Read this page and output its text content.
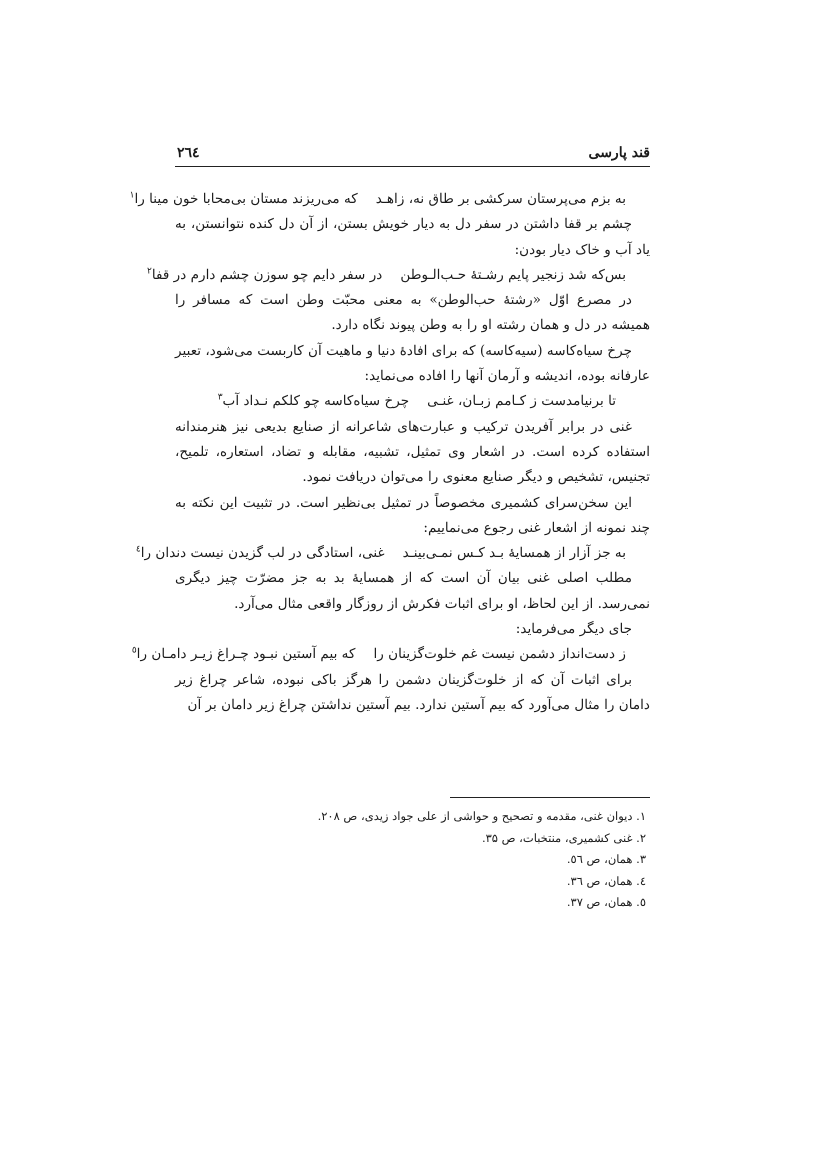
قند پارسی
۲٦٤
به بزم می‌پرستان سرکشی بر طاق نه، زاهـد
که می‌ریزند مستان بی‌محابا خون مینا را$^۱$

چشم بر قفا داشتن در سفر دل به دیار خویش بستن، از آن دل کنده نتوانستن، به یاد آب و خاک دیار بودن:

بس‌که شد زنجیر پایم رشـتهٔ حـب‌الـوطن
در سفر دایم چو سوزن چشم دارم در قفا$^۲$

در مصرع اوّل «رشتهٔ حب‌الوطن» به معنی محبّت وطن است که مسافر را همیشه در دل و همان رشته او را به وطن پیوند نگاه دارد.

چرخ سیاه‌کاسه (سیه‌کاسه) که برای افادهٔ دنیا و ماهیت آن کاربست می‌شود، تعبیر عارفانه بوده، اندیشه و آرمان آنها را افاده می‌نماید:

تا برنیامدست ز کـامم زبـان، غنـی
چرخ سیاه‌کاسه چو کلکم نـداد آب$^۳$

غنی در برابر آفریدن ترکیب و عبارت‌های شاعرانه از صنایع بدیعی نیز هنرمندانه استفاده کرده است. در اشعار وی تمثیل، تشبیه، مقابله و تضاد، استعاره، تلمیح، تجنیس، تشخیص و دیگر صنایع معنوی را می‌توان دریافت نمود.

این سخن‌سرای کشمیری مخصوصاً در تمثیل بی‌نظیر است. در تثبیت این نکته به چند نمونه از اشعار غنی رجوع می‌نماییم:

به جز آزار از همسایهٔ بـد کـس نمـی‌بینـد
غنی، استادگی در لب گزیدن نیست دندان را$^٤$

مطلب اصلی غنی بیان آن است که از همسایهٔ بد به جز مضرّت چیز دیگری نمی‌رسد. از این لحاظ، او برای اثبات فکرش از روزگار واقعی مثال می‌آرد.

جای دیگر می‌فرماید:

ز دست‌انداز دشمن نیست غم خلوت‌گزینان را
که بیم آستین نبـود چـراغ زیـر دامـان را$^٥$

برای اثبات آن که از خلوت‌گزینان دشمن را هرگز باکی نبوده، شاعر چراغ زیر دامان را مثال می‌آورد که بیم آستین ندارد. بیم آستین نداشتن چراغ زیر دامان بر آن

۱. دیوان غنی، مقدمه و تصحیح و حواشی از علی جواد زیدی، ص ۲۰۸.

۲. غنی کشمیری، منتخبات، ص ۳۵.

۳. همان، ص ٥٦.

٤. همان، ص ۳٦.

٥. همان، ص ۳۷.
